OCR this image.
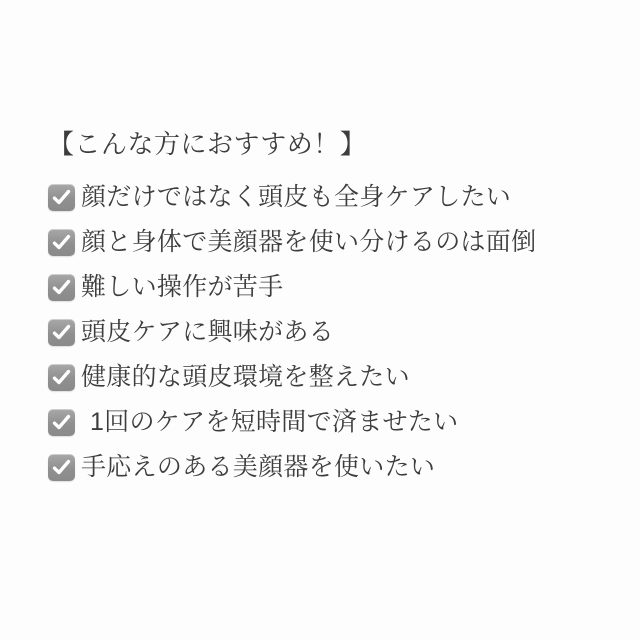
【こんな方におすすめ！】
顔だけではなく頭皮も全身ケアしたい
顔と身体で美顔器を使い分けるのは面倒
難しい操作が苦手
頭皮ケアに興味がある
健康的な頭皮環境を整えたい
1回のケアを短時間で済ませたい
手応えのある美顔器を使いたい
